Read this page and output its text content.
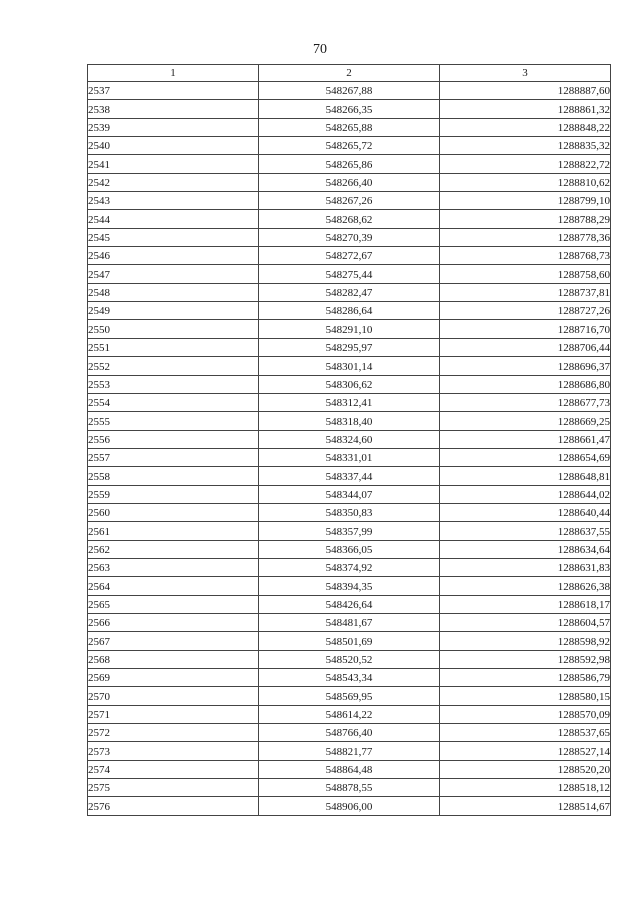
70
1	2	3
2537	548267,88	1288887,60
2538	548266,35	1288861,32
2539	548265,88	1288848,22
2540	548265,72	1288835,32
2541	548265,86	1288822,72
2542	548266,40	1288810,62
2543	548267,26	1288799,10
2544	548268,62	1288788,29
2545	548270,39	1288778,36
2546	548272,67	1288768,73
2547	548275,44	1288758,60
2548	548282,47	1288737,81
2549	548286,64	1288727,26
2550	548291,10	1288716,70
2551	548295,97	1288706,44
2552	548301,14	1288696,37
2553	548306,62	1288686,80
2554	548312,41	1288677,73
2555	548318,40	1288669,25
2556	548324,60	1288661,47
2557	548331,01	1288654,69
2558	548337,44	1288648,81
2559	548344,07	1288644,02
2560	548350,83	1288640,44
2561	548357,99	1288637,55
2562	548366,05	1288634,64
2563	548374,92	1288631,83
2564	548394,35	1288626,38
2565	548426,64	1288618,17
2566	548481,67	1288604,57
2567	548501,69	1288598,92
2568	548520,52	1288592,98
2569	548543,34	1288586,79
2570	548569,95	1288580,15
2571	548614,22	1288570,09
2572	548766,40	1288537,65
2573	548821,77	1288527,14
2574	548864,48	1288520,20
2575	548878,55	1288518,12
2576	548906,00	1288514,67
